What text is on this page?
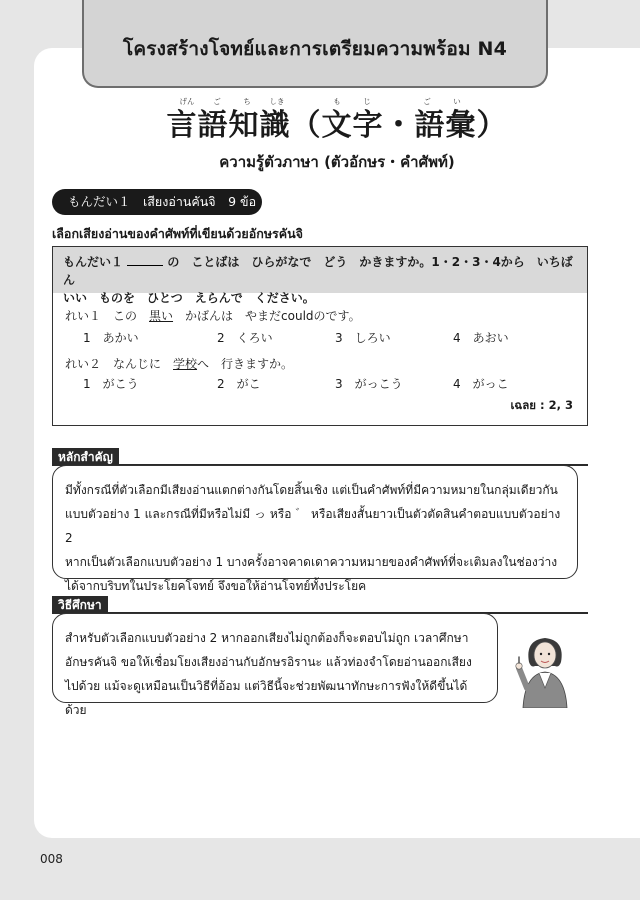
โครงสร้างโจทย์และการเตรียมความพร้อม N4
げん	ご	ち	しき	も	じ	ご	い
言語知識（文字・語彙）
ความรู้ตัวภาษา (ตัวอักษร・คำศัพท์)
もんだい１　เสียงอ่านคันจิ　9 ข้อ
เลือกเสียงอ่านของคำศัพท์ที่เขียนด้วยอักษรคันจิ
もんだい１	の　ことばは　ひらがなで　どう　かきますか。1・2・3・4から　いちばん
いい　ものを　ひとつ　えらんで　ください。
れい１　この　黒い　かばんは　やまだcouldのです。
1　あかい	2　くろい	3　しろい	4　あおい
れい２　なんじに　学校へ　行きますか。
1　がこう	2　がこ	3　がっこう	4　がっこ
เฉลย : 2, 3
หลักสำคัญ
มีทั้งกรณีที่ตัวเลือกมีเสียงอ่านแตกต่างกันโดยสิ้นเชิง แต่เป็นคำศัพท์ที่มีความหมายในกลุ่มเดียวกัน
แบบตัวอย่าง 1 และกรณีที่มีหรือไม่มี っ หรือ ゛ หรือเสียงสั้นยาวเป็นตัวตัดสินคำตอบแบบตัวอย่าง 2
หากเป็นตัวเลือกแบบตัวอย่าง 1 บางครั้งอาจคาดเดาความหมายของคำศัพท์ที่จะเติมลงในช่องว่าง
ได้จากบริบทในประโยคโจทย์ จึงขอให้อ่านโจทย์ทั้งประโยค
วิธีศึกษา
สำหรับตัวเลือกแบบตัวอย่าง 2 หากออกเสียงไม่ถูกต้องก็จะตอบไม่ถูก เวลาศึกษา
อักษรคันจิ ขอให้เชื่อมโยงเสียงอ่านกับอักษรอิรานะ แล้วท่องจำโดยอ่านออกเสียง
ไปด้วย แม้จะดูเหมือนเป็นวิธีที่อ้อม แต่วิธีนี้จะช่วยพัฒนาทักษะการฟังให้ดีขึ้นได้ด้วย
008
